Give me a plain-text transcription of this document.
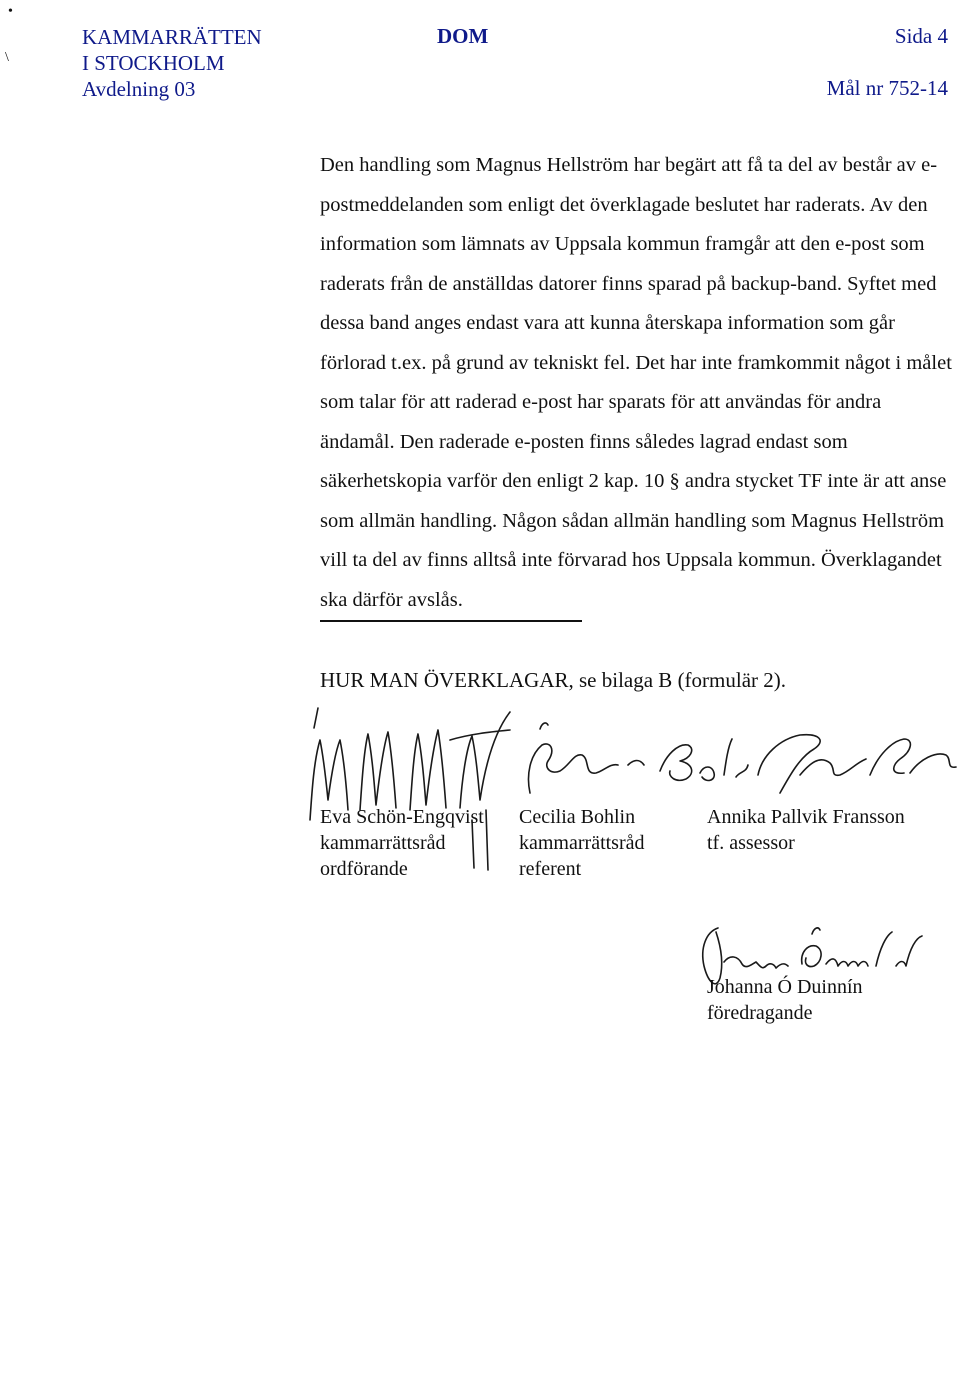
•
\
KAMMARRÄTTEN
I STOCKHOLM
Avdelning 03
DOM	Sida 4
Mål nr 752-14
Den handling som Magnus Hellström har begärt att få ta del av består av e-postmeddelanden som enligt det överklagade beslutet har raderats. Av den information som lämnats av Uppsala kommun framgår att den e-post som raderats från de anställdas datorer finns sparad på backup-band. Syftet med dessa band anges endast vara att kunna återskapa information som går förlorad t.ex. på grund av tekniskt fel. Det har inte framkommit något i målet som talar för att raderad e-post har sparats för att användas för andra ändamål. Den raderade e-posten finns således lagrad endast som säkerhetskopia varför den enligt 2 kap. 10 § andra stycket TF inte är att anse som allmän handling. Någon sådan allmän handling som Magnus Hellström vill ta del av finns alltså inte förvarad hos Uppsala kommun. Överklagandet ska därför avslås.
HUR MAN ÖVERKLAGAR, se bilaga B (formulär 2).
Eva Schön-Engqvist
kammarrättsråd
ordförande
Cecilia Bohlin
kammarrättsråd
referent
Annika Pallvik Fransson
tf. assessor
Johanna Ó Duinnín
föredragande
